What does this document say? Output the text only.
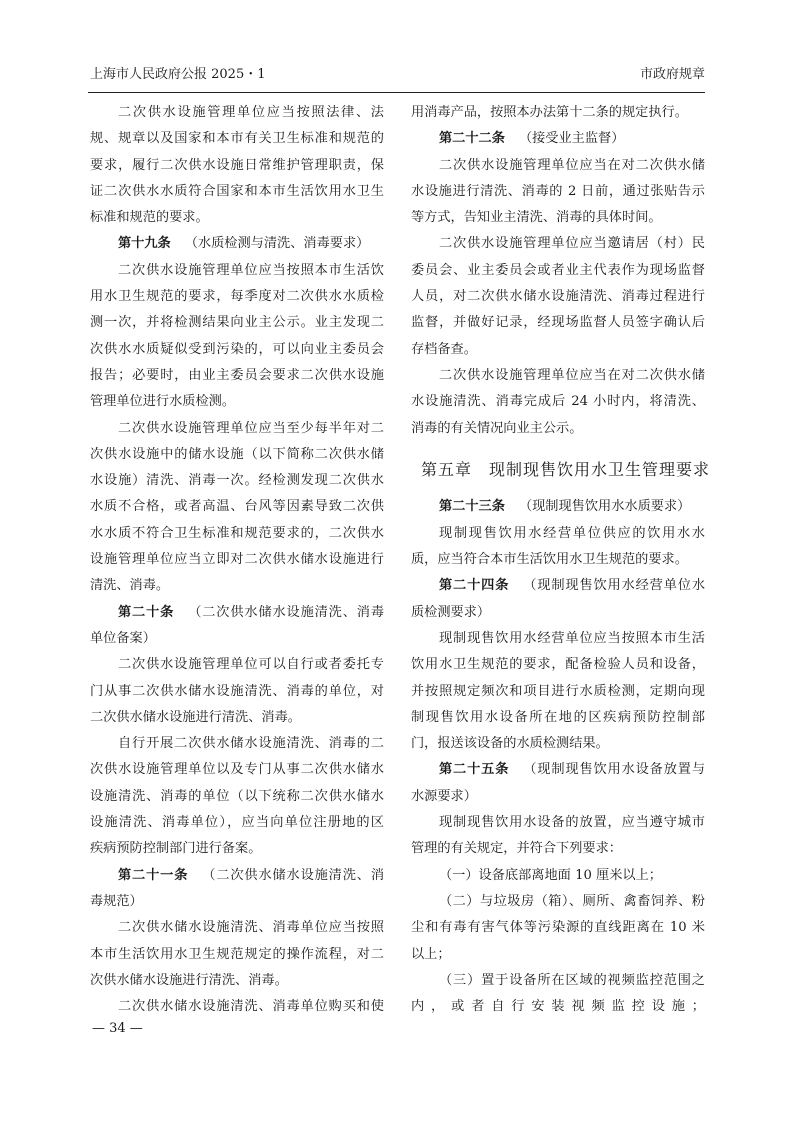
上海市人民政府公报 2025・1	市政府规章
二次供水设施管理单位应当按照法律、法
规、规章以及国家和本市有关卫生标准和规范的
要求，履行二次供水设施日常维护管理职责，保
证二次供水水质符合国家和本市生活饮用水卫生
标准和规范的要求。
第十九条 （水质检测与清洗、消毒要求）
二次供水设施管理单位应当按照本市生活饮
用水卫生规范的要求，每季度对二次供水水质检
测一次，并将检测结果向业主公示。业主发现二
次供水水质疑似受到污染的，可以向业主委员会
报告；必要时，由业主委员会要求二次供水设施
管理单位进行水质检测。
二次供水设施管理单位应当至少每半年对二
次供水设施中的储水设施（以下简称二次供水储
水设施）清洗、消毒一次。经检测发现二次供水
水质不合格，或者高温、台风等因素导致二次供
水水质不符合卫生标准和规范要求的，二次供水
设施管理单位应当立即对二次供水储水设施进行
清洗、消毒。
第二十条 （二次供水储水设施清洗、消毒
单位备案）
二次供水设施管理单位可以自行或者委托专
门从事二次供水储水设施清洗、消毒的单位，对
二次供水储水设施进行清洗、消毒。
自行开展二次供水储水设施清洗、消毒的二
次供水设施管理单位以及专门从事二次供水储水
设施清洗、消毒的单位（以下统称二次供水储水
设施清洗、消毒单位），应当向单位注册地的区
疾病预防控制部门进行备案。
第二十一条 （二次供水储水设施清洗、消
毒规范）
二次供水储水设施清洗、消毒单位应当按照
本市生活饮用水卫生规范规定的操作流程，对二
次供水储水设施进行清洗、消毒。
二次供水储水设施清洗、消毒单位购买和使
用消毒产品，按照本办法第十二条的规定执行。
第二十二条 （接受业主监督）
二次供水设施管理单位应当在对二次供水储
水设施进行清洗、消毒的 2 日前，通过张贴告示
等方式，告知业主清洗、消毒的具体时间。
二次供水设施管理单位应当邀请居（村）民
委员会、业主委员会或者业主代表作为现场监督
人员，对二次供水储水设施清洗、消毒过程进行
监督，并做好记录，经现场监督人员签字确认后
存档备查。
二次供水设施管理单位应当在对二次供水储
水设施清洗、消毒完成后 24 小时内，将清洗、
消毒的有关情况向业主公示。
第五章　现制现售饮用水卫生管理要求
第二十三条 （现制现售饮用水水质要求）
现制现售饮用水经营单位供应的饮用水水
质，应当符合本市生活饮用水卫生规范的要求。
第二十四条 （现制现售饮用水经营单位水
质检测要求）
现制现售饮用水经营单位应当按照本市生活
饮用水卫生规范的要求，配备检验人员和设备，
并按照规定频次和项目进行水质检测，定期向现
制现售饮用水设备所在地的区疾病预防控制部
门，报送该设备的水质检测结果。
第二十五条 （现制现售饮用水设备放置与
水源要求）
现制现售饮用水设备的放置，应当遵守城市
管理的有关规定，并符合下列要求：
（一）设备底部离地面 10 厘米以上；
（二）与垃圾房（箱）、厕所、禽畜饲养、粉
尘和有毒有害气体等污染源的直线距离在 10 米
以上；
（三）置于设备所在区域的视频监控范围之
内，或者自行安装视频监控设施；
— 34 —
